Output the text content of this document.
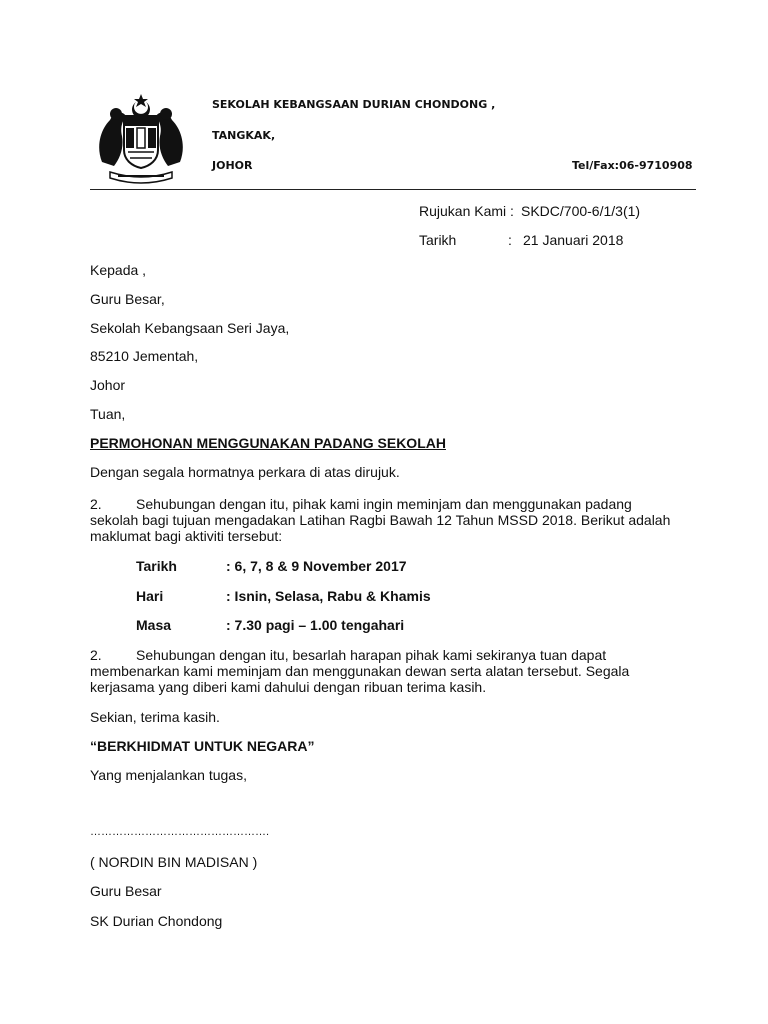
SEKOLAH KEBANGSAAN DURIAN CHONDONG ,
TANGKAK,
JOHOR	Tel/Fax:06-9710908
Rujukan Kami : SKDC/700-6/1/3(1)
Tarikh	: 21 Januari 2018
Kepada ,
Guru Besar,
Sekolah Kebangsaan Seri Jaya,
85210 Jementah,
Johor
Tuan,
PERMOHONAN MENGGUNAKAN PADANG SEKOLAH
Dengan segala hormatnya perkara di atas dirujuk.
2. Sehubungan dengan itu, pihak kami ingin meminjam dan menggunakan padang
sekolah bagi tujuan mengadakan Latihan Ragbi Bawah 12 Tahun MSSD 2018. Berikut adalah
maklumat bagi aktiviti tersebut:
Tarikh	: 6, 7, 8 & 9 November 2017
Hari	: Isnin, Selasa, Rabu & Khamis
Masa	: 7.30 pagi – 1.00 tengahari
2. Sehubungan dengan itu, besarlah harapan pihak kami sekiranya tuan dapat
membenarkan kami meminjam dan menggunakan dewan serta alatan tersebut. Segala
kerjasama yang diberi kami dahului dengan ribuan terima kasih.
Sekian, terima kasih.
“BERKHIDMAT UNTUK NEGARA”
Yang menjalankan tugas,
………………………………………….
( NORDIN BIN MADISAN )
Guru Besar
SK Durian Chondong
